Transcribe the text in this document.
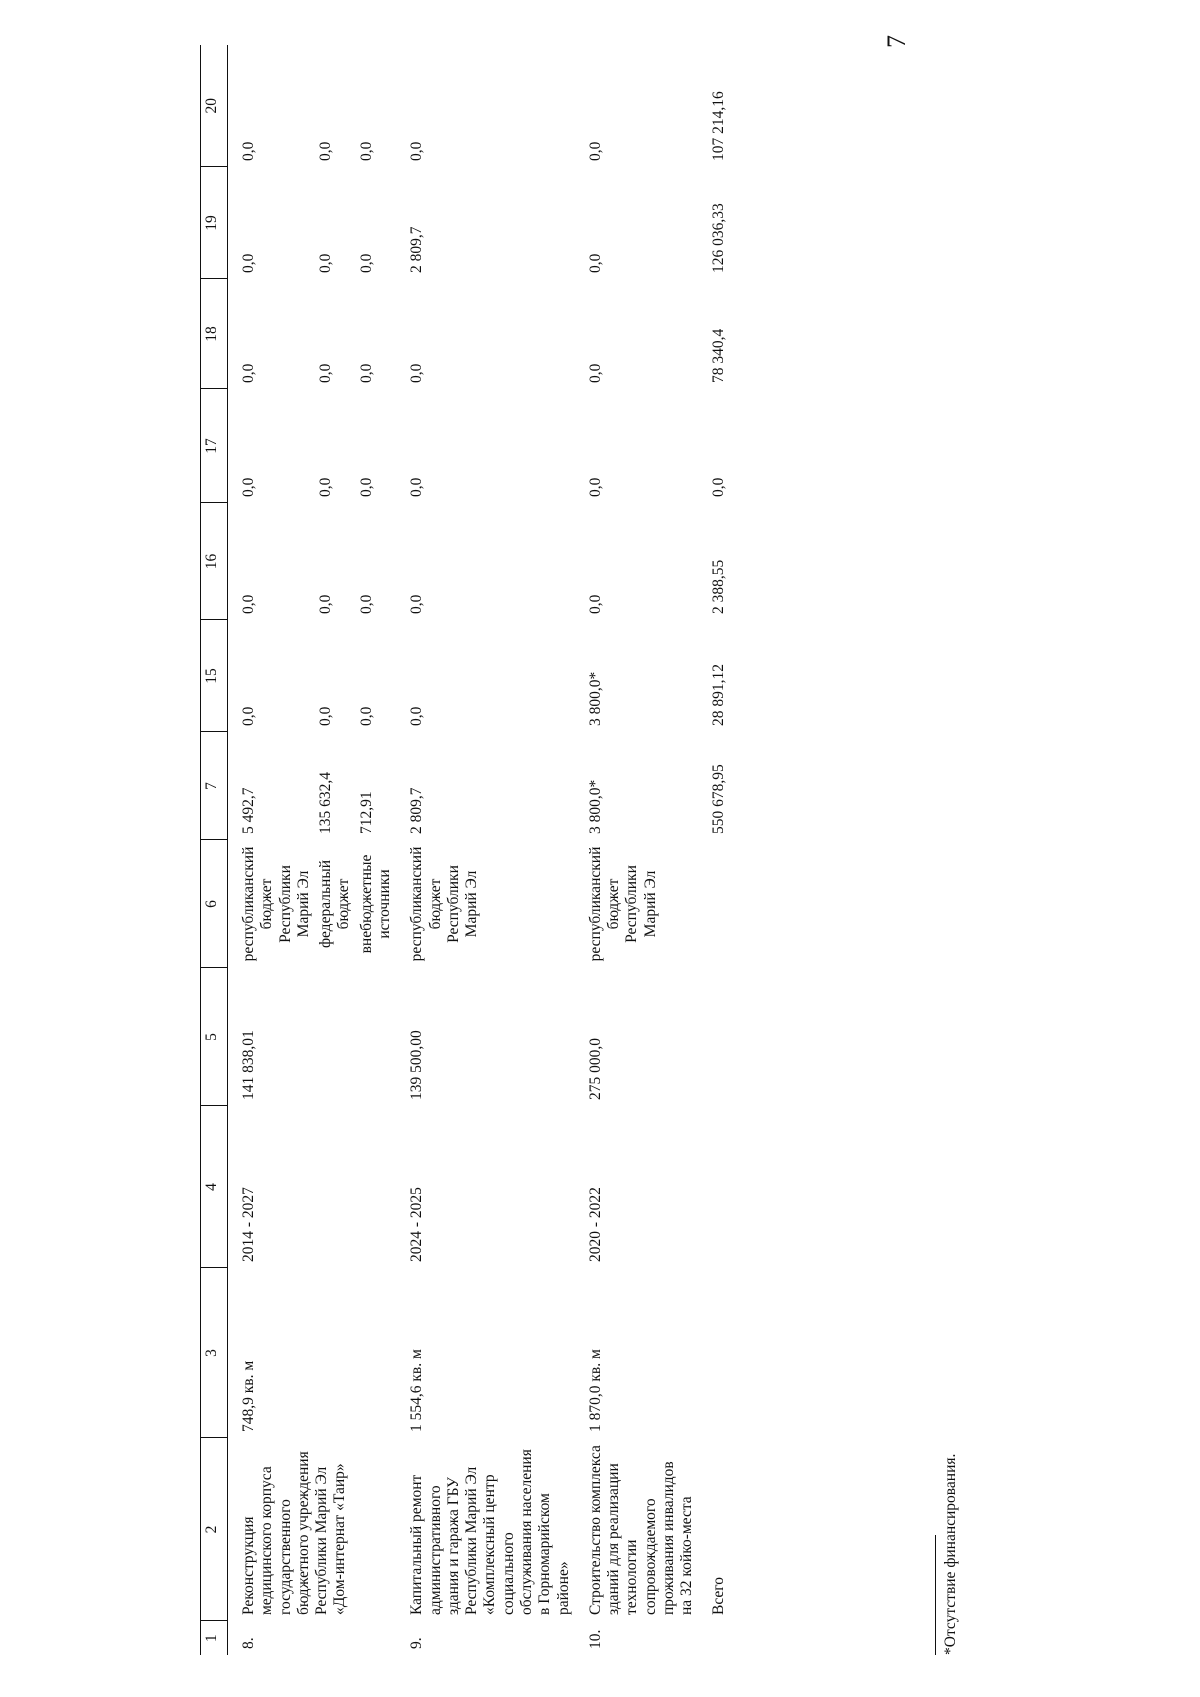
7
1	2	3	4	5	6	7	15	16	17	18	19	20
8.	Реконструкция медицинского корпуса государственного бюджетного учреждения Республики Марий Эл «Дом-интернат «Таир»	748,9 кв. м	2014 - 2027	141 838,01	республиканский бюджет Республики Марий Эл	5 492,7	0,0	0,0	0,0	0,0	0,0	0,0
					федеральный бюджет	135 632,4	0,0	0,0	0,0	0,0	0,0	0,0
					внебюджетные источники	712,91	0,0	0,0	0,0	0,0	0,0	0,0
9.	Капитальный ремонт административного здания и гаража ГБУ Республики Марий Эл «Комплексный центр социального обслуживания населения в Горномарийском районе»	1 554,6 кв. м	2024 - 2025	139 500,00	республиканский бюджет Республики Марий Эл	2 809,7	0,0	0,0	0,0	0,0	2 809,7	0,0
10.	Строительство комплекса зданий для реализации технологии сопровождаемого проживания инвалидов на 32 койко-места	1 870,0 кв. м	2020 - 2022	275 000,0	республиканский бюджет Республики Марий Эл	3 800,0*	3 800,0*	0,0	0,0	0,0	0,0	0,0
	Всего					550 678,95	28 891,12	2 388,55	0,0	78 340,4	126 036,33	107 214,16
*Отсутствие финансирования.
